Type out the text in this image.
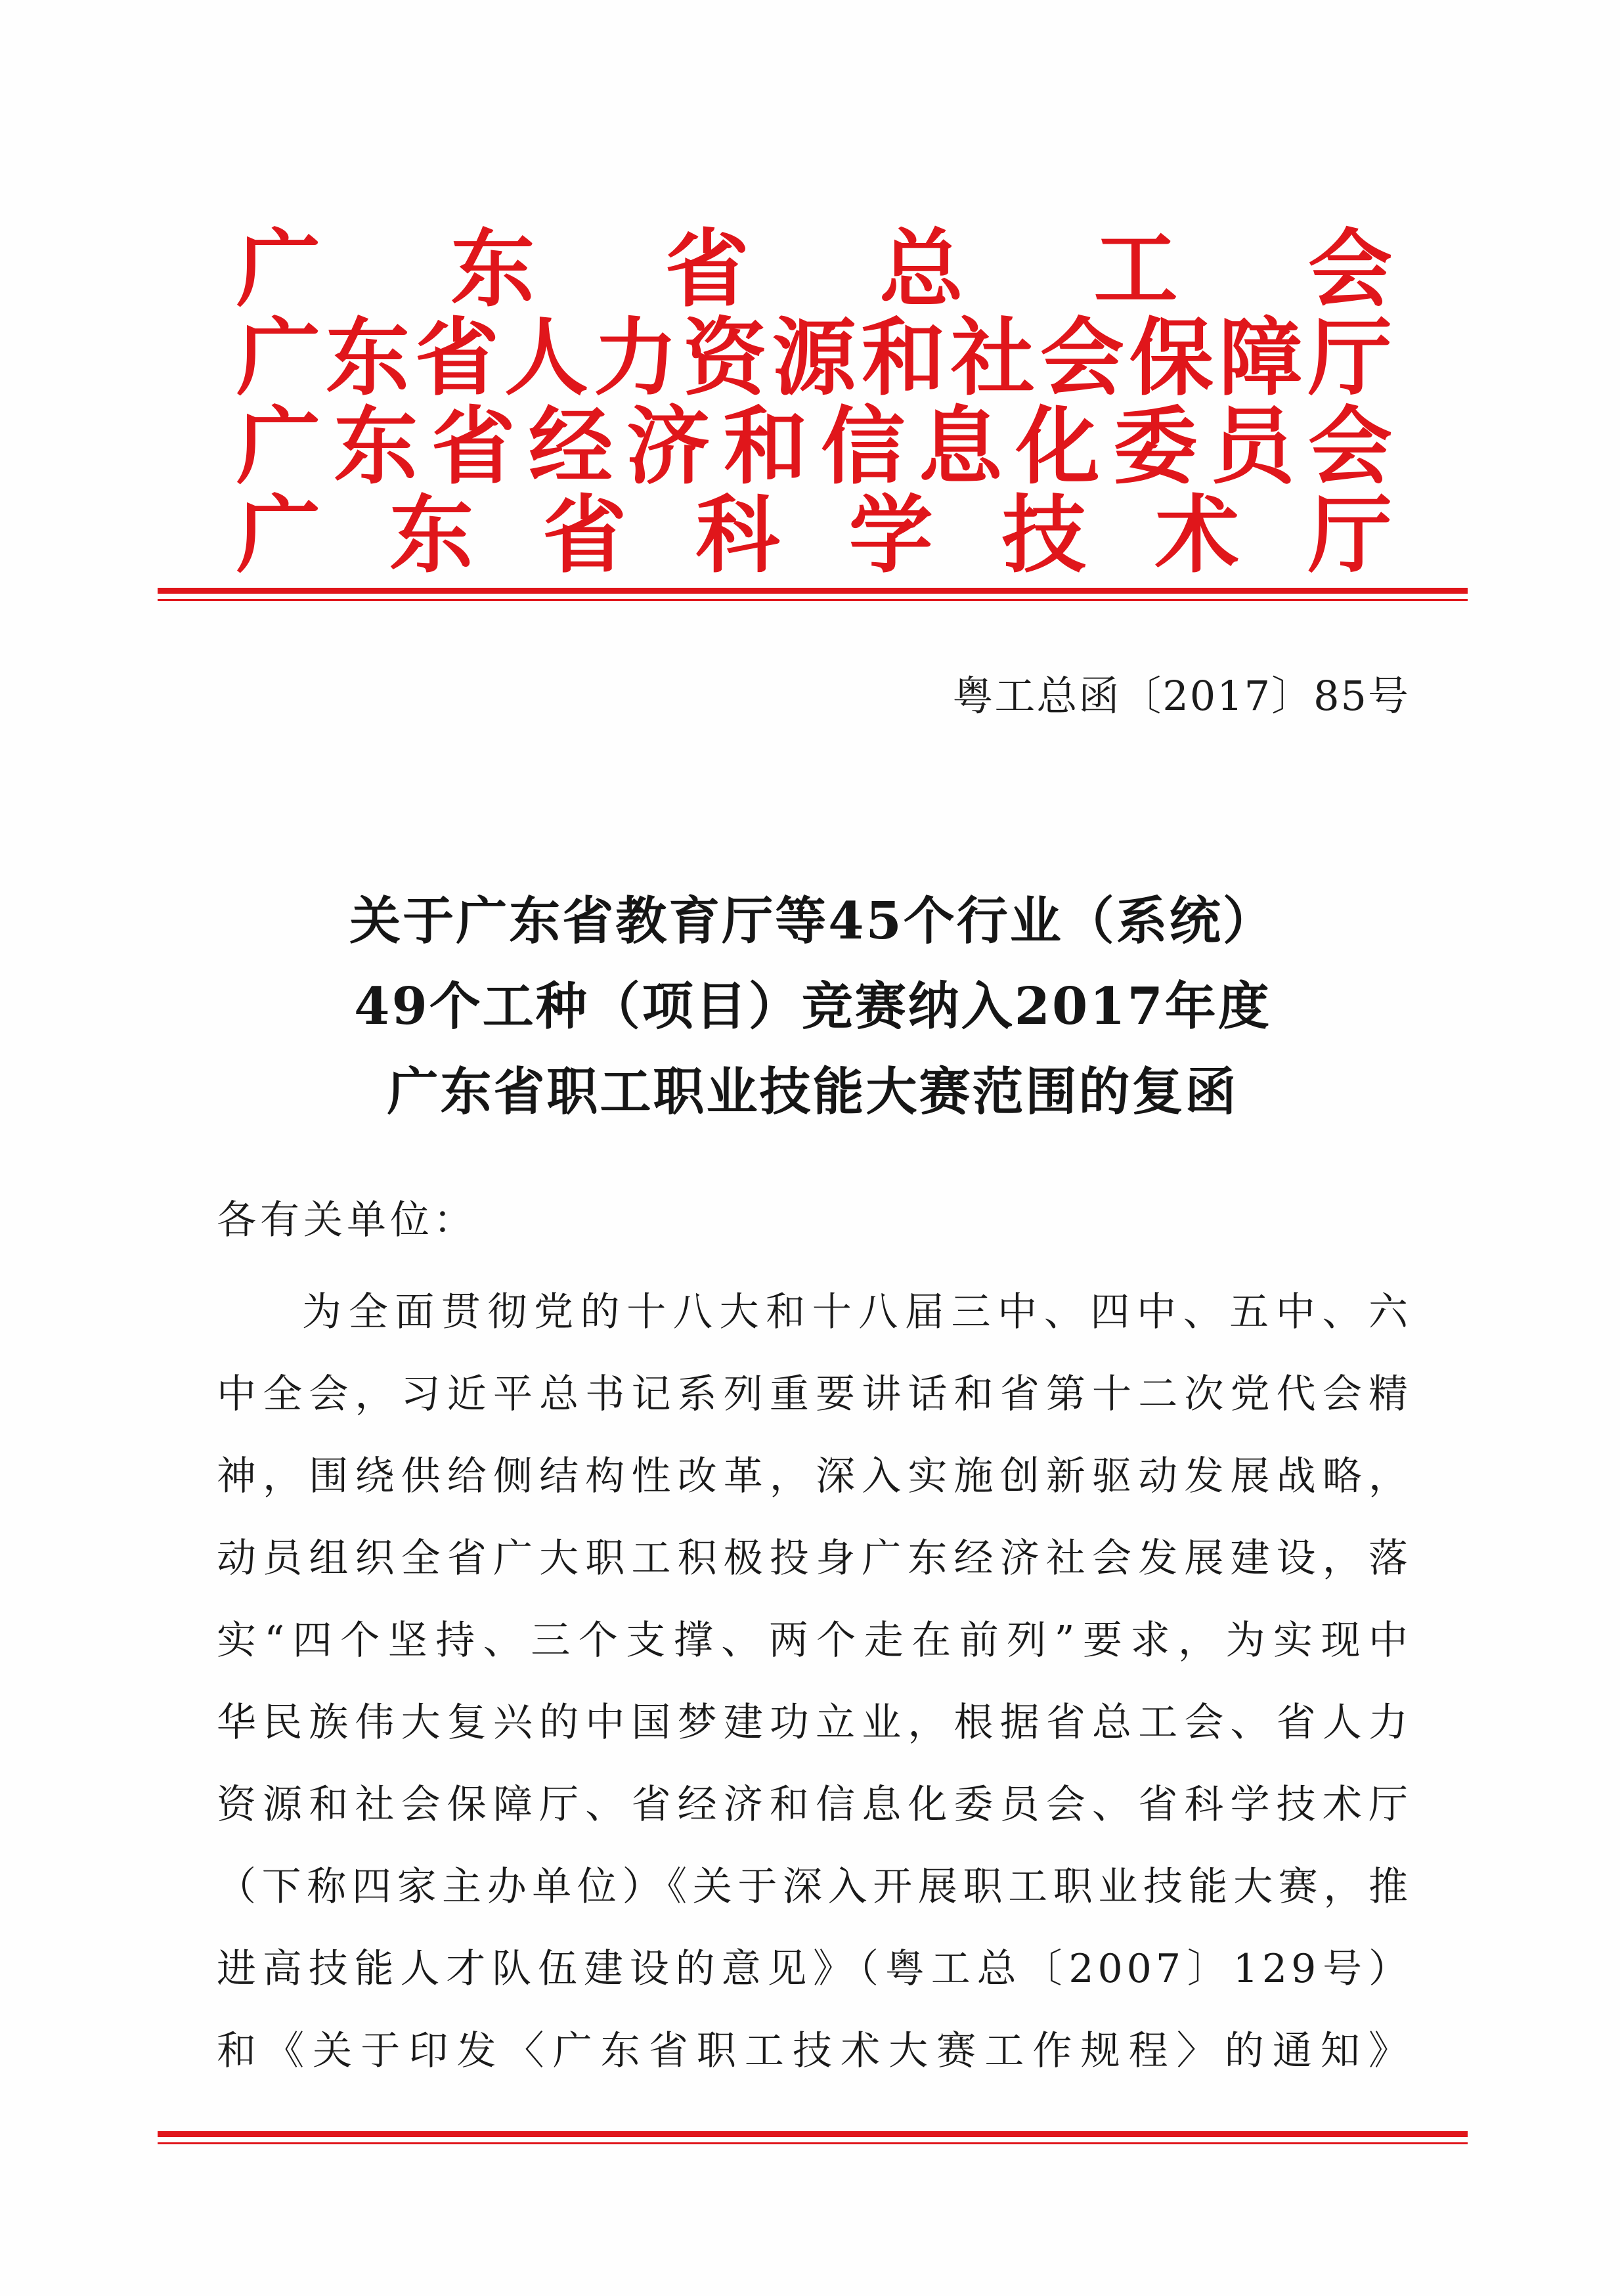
广 东 省 总 工 会
广 东 省 人 力 资 源 和 社 会 保 障 厅
广 东 省 经 济 和 信 息 化 委 员 会
广 东 省 科 学 技 术 厅
粤工总函〔2017〕85号
关于广东省教育厅等45个行业（系统）
49个工种（项目）竞赛纳入2017年度
广东省职工职业技能大赛范围的复函
各有关单位：
为全面贯彻党的十八大和十八届三中、四中、五中、六
中全会，习近平总书记系列重要讲话和省第十二次党代会精
神，围绕供给侧结构性改革，深入实施创新驱动发展战略，
动员组织全省广大职工积极投身广东经济社会发展建设，落
实“四个坚持、三个支撑、两个走在前列”要求，为实现中
华民族伟大复兴的中国梦建功立业，根据省总工会、省人力
资源和社会保障厅、省经济和信息化委员会、省科学技术厅
（下称四家主办单位）《关于深入开展职工职业技能大赛，推
进高技能人才队伍建设的意见》（粤工总〔2007〕129号）
和《关于印发〈广东省职工技术大赛工作规程〉的通知》
